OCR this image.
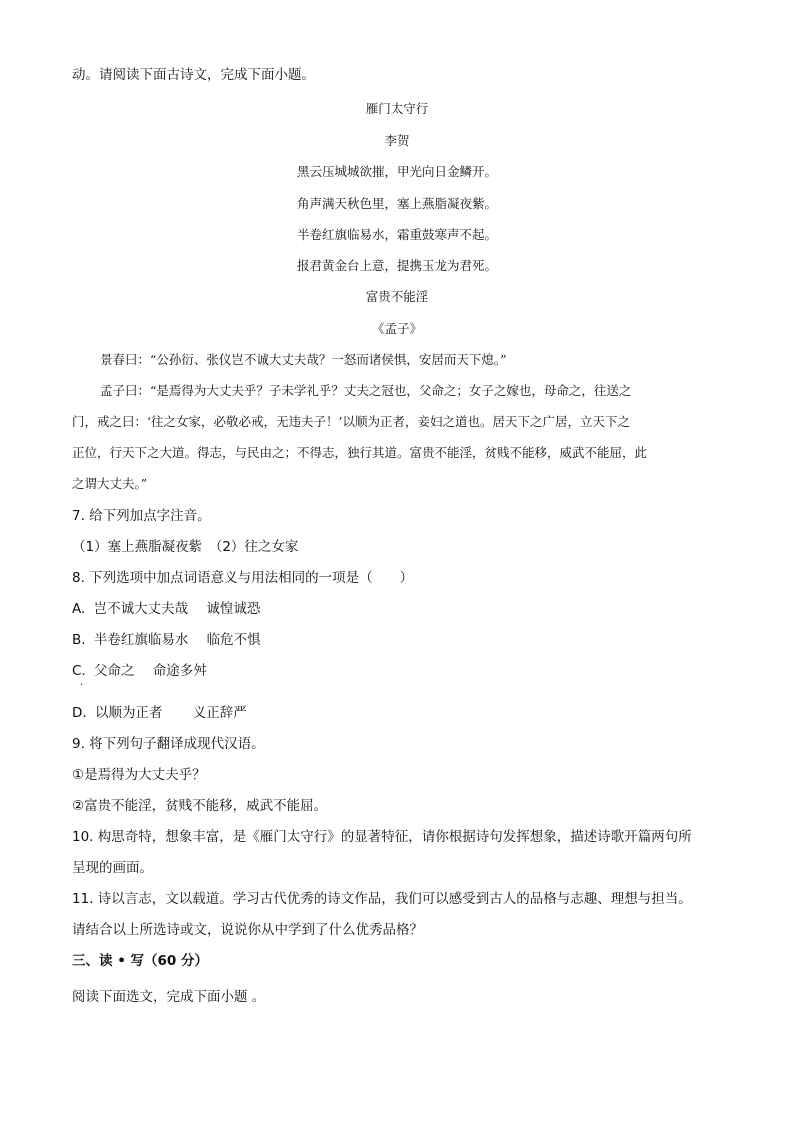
动。请阅读下面古诗文，完成下面小题。
雁门太守行
李贺
黑云压城城欲摧，甲光向日金鳞开。
角声满天秋色里，塞上燕脂凝夜紫。
半卷红旗临易水，霜重鼓寒声不起。
报君黄金台上意，提携玉龙为君死。
富贵不能淫
《孟子》
景春曰：“公孙衍、张仪岂不诚大丈夫哉？一怒而诸侯惧，安居而天下熄。”
孟子曰：“是焉得为大丈夫乎？子未学礼乎？丈夫之冠也，父命之；女子之嫁也，母命之，往送之
门，戒之曰：‘往之女家，必敬必戒，无违夫子！’以顺为正者，妾妇之道也。居天下之广居，立天下之
正位，行天下之大道。得志，与民由之；不得志，独行其道。富贵不能淫，贫贱不能移，威武不能屈，此
之谓大丈夫。”
7. 给下列加点字注音。
（1）塞上燕脂凝夜紫　（2）往之女家
8. 下列选项中加点词语意义与用法相同的一项是（　　）
A. 岂不诚大丈夫哉 诚惶诚恐
B. 半卷红旗临易水 临危不惧
C. 父命之 命途多舛
·
D. 以顺为正者 义正辞严
9. 将下列句子翻译成现代汉语。
①是焉得为大丈夫乎？
②富贵不能淫，贫贱不能移，威武不能屈。
10. 构思奇特，想象丰富，是《雁门太守行》的显著特征，请你根据诗句发挥想象，描述诗歌开篇两句所
呈现的画面。
11. 诗以言志，文以载道。学习古代优秀的诗文作品，我们可以感受到古人的品格与志趣、理想与担当。
请结合以上所选诗或文，说说你从中学到了什么优秀品格？
三、读 • 写（60 分）
阅读下面选文，完成下面小题 。
